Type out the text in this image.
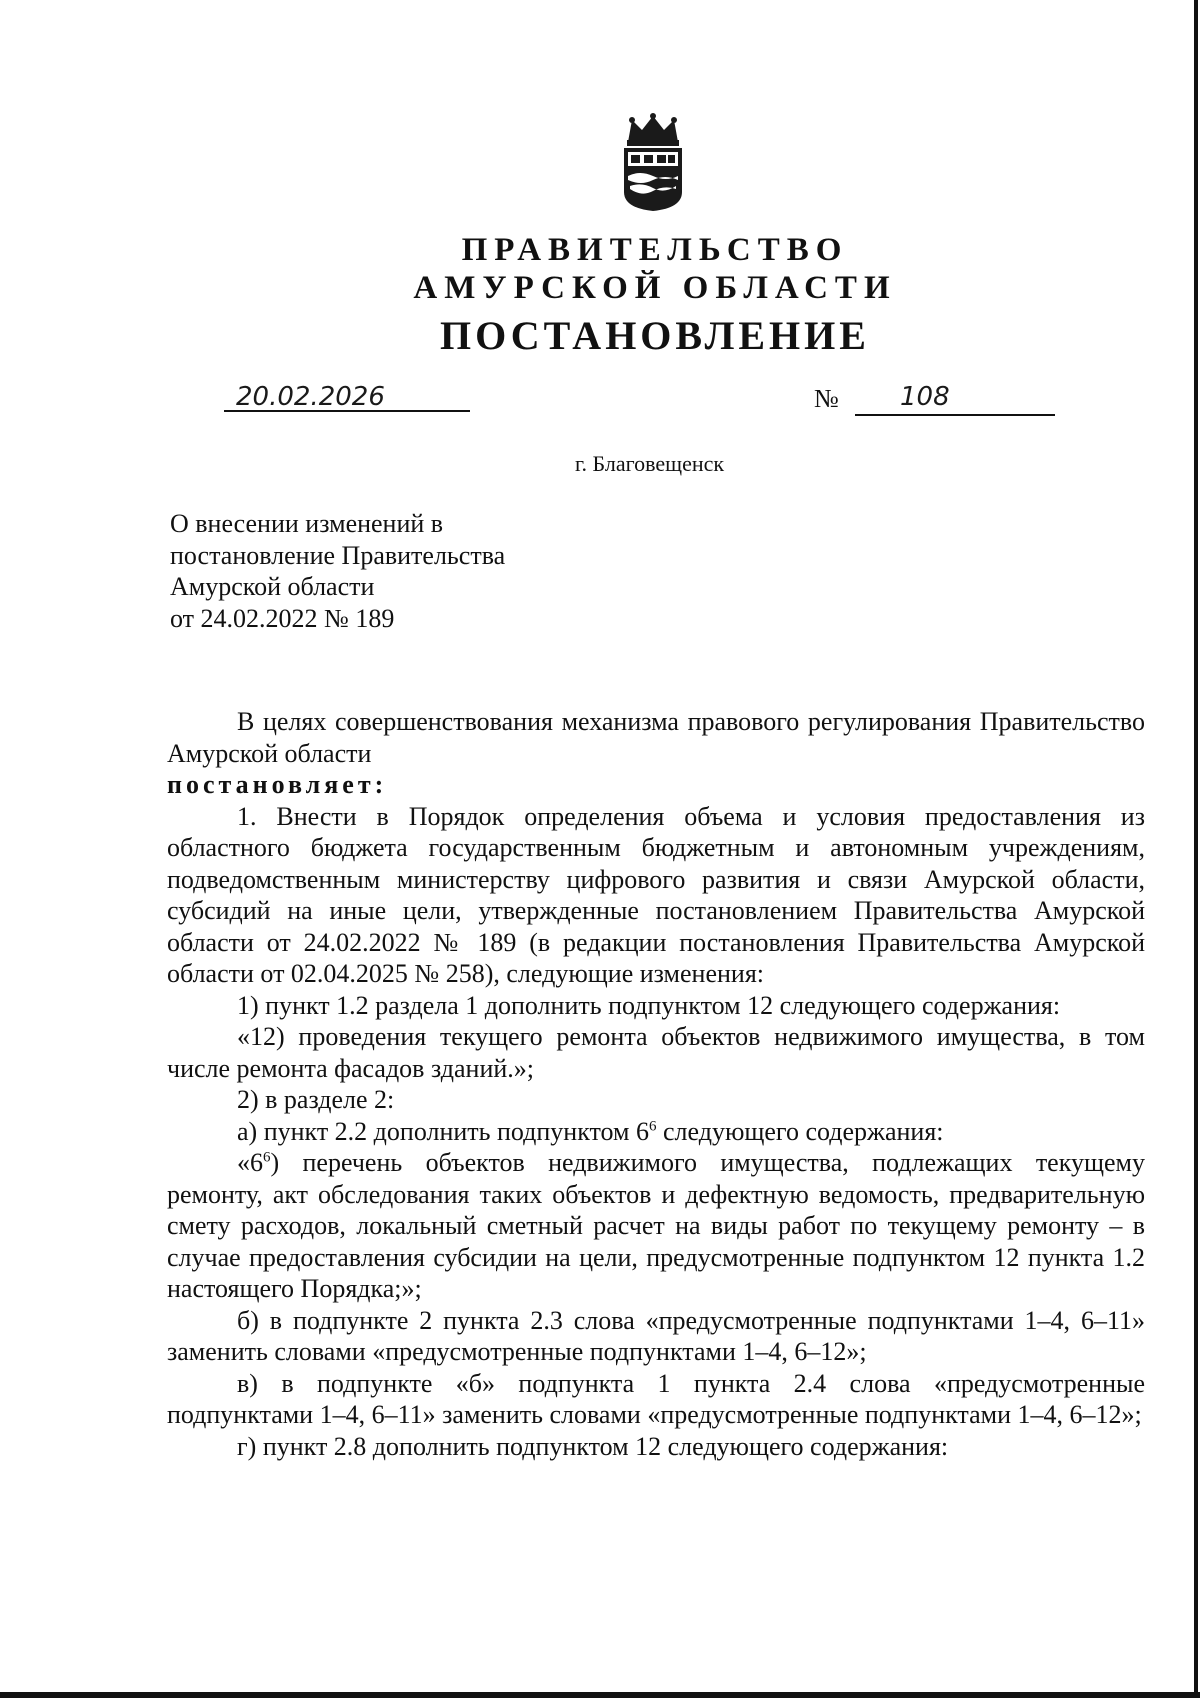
ПРАВИТЕЛЬСТВО
АМУРСКОЙ ОБЛАСТИ
ПОСТАНОВЛЕНИЕ
20.02.2026	№ 108
г. Благовещенск
О внесении изменений в
постановление Правительства
Амурской области
от 24.02.2022 № 189

В целях совершенствования механизма правового регулирования Правительство Амурской области

постановляет:

1. Внести в Порядок определения объема и условия предоставления из областного бюджета государственным бюджетным и автономным учреждениям, подведомственным министерству цифрового развития и связи Амурской области, субсидий на иные цели, утвержденные постановлением Правительства Амурской области от 24.02.2022 № 189 (в редакции постановления Правительства Амурской области от 02.04.2025 № 258), следующие изменения:

1) пункт 1.2 раздела 1 дополнить подпунктом 12 следующего содержания:

«12) проведения текущего ремонта объектов недвижимого имущества, в том числе ремонта фасадов зданий.»;

2) в разделе 2:

а) пункт 2.2 дополнить подпунктом $6^6$ следующего содержания:

«$6^6$) перечень объектов недвижимого имущества, подлежащих текущему ремонту, акт обследования таких объектов и дефектную ведомость, предварительную смету расходов, локальный сметный расчет на виды работ по текущему ремонту – в случае предоставления субсидии на цели, предусмотренные подпунктом 12 пункта 1.2 настоящего Порядка;»;

б) в подпункте 2 пункта 2.3 слова «предусмотренные подпунктами 1–4, 6–11» заменить словами «предусмотренные подпунктами 1–4, 6–12»;

в) в подпункте «б» подпункта 1 пункта 2.4 слова «предусмотренные подпунктами 1–4, 6–11» заменить словами «предусмотренные подпунктами 1–4, 6–12»;

г) пункт 2.8 дополнить подпунктом 12 следующего содержания:
